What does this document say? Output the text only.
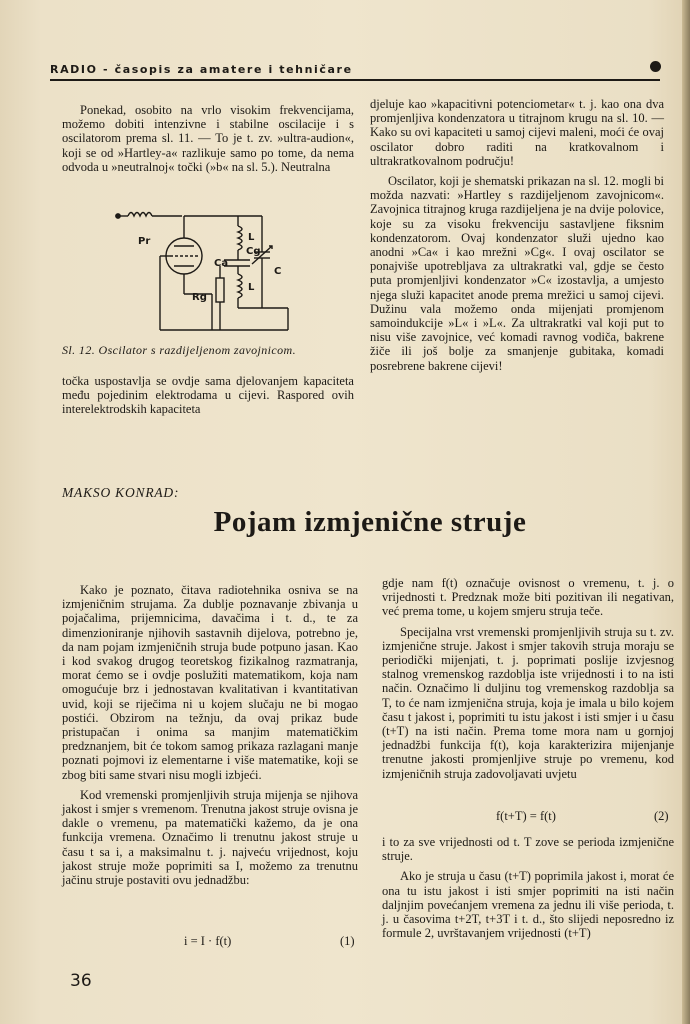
RADIO - časopis za amatere i tehničare

Ponekad, osobito na vrlo visokim frekvencijama, možemo dobiti intenzivne i stabilne oscilacije i s oscilatorom prema sl. 11. — To je t. zv. »ultra-audion«, koji se od »Hartley-a« razlikuje samo po tome, da nema odvoda u »neutralnoj« točki (»b« na sl. 5.). Neutralna

Pr
Rg
Ca
Cg
C
L
L
Sl. 12. Oscilator s razdijeljenom zavojnicom.

točka uspostavlja se ovdje sama djelovanjem kapaciteta među pojedinim elektrodama u cijevi. Raspored ovih interelektrodskih kapaciteta

djeluje kao »kapacitivni potenciometar« t. j. kao ona dva promjenljiva kondenzatora u titrajnom krugu na sl. 10. — Kako su ovi kapaciteti u samoj cijevi maleni, moći će ovaj oscilator dobro raditi na kratkovalnom i ultrakratkovalnom području!

Oscilator, koji je shematski prikazan na sl. 12. mogli bi možda nazvati: »Hartley s razdijeljenom zavojnicom«. Zavojnica titrajnog kruga razdijeljena je na dvije polovice, koje su za visoku frekvenciju sastavljene fiksnim kondenzatorom. Ovaj kondenzator služi ujedno kao anodni »Ca« i kao mrežni »Cg«. I ovaj oscilator se ponajviše upotrebljava za ultrakratki val, gdje se često puta promjenljivi kondenzator »C« izostavlja, a umjesto njega služi kapacitet anode prema mrežici u samoj cijevi. Dužinu vala možemo onda mijenjati promjenom samoindukcije »L« i »L«. Za ultrakratki val koji put to nisu više zavojnice, već komadi ravnog vodiča, bakrene žiče ili još bolje za smanjenje gubitaka, komadi posrebrene bakrene cijevi!

MAKSO KONRAD:
Pojam izmjenične struje

Kako je poznato, čitava radiotehnika osniva se na izmjeničnim strujama. Za dublje poznavanje zbivanja u pojačalima, prijemnicima, davačima i t. d., te za dimenzioniranje njihovih sastavnih dijelova, potrebno je, da nam pojam izmjeničnih struja bude potpuno jasan. Kao i kod svakog drugog teoretskog fizikalnog razmatranja, morat ćemo se i ovdje poslužiti matematikom, koja nam omogućuje brz i jednostavan kvalitativan i kvantitativan uvid, koji se riječima ni u kojem slučaju ne bi mogao postići. Obzirom na težnju, da ovaj prikaz bude pristupačan i onima sa manjim matematičkim predznanjem, bit će tokom samog prikaza razlagani manje poznati pojmovi iz elementarne i više matematike, koji se zbog biti same stvari nisu mogli izbjeći.

Kod vremenski promjenljivih struja mijenja se njihova jakost i smjer s vremenom. Trenutna jakost struje ovisna je dakle o vremenu, pa matematički kažemo, da je ona funkcija vremena. Označimo li trenutnu jakost struje u času t sa i, a maksimalnu t. j. najveću vrijednost, koju jakost struje može poprimiti sa I, možemo za trenutnu jačinu struje postaviti ovu jednadžbu:

i = I · f(t)	(1)

gdje nam f(t) označuje ovisnost o vremenu, t. j. o vrijednosti t. Predznak može biti pozitivan ili negativan, već prema tome, u kojem smjeru struja teče.

Specijalna vrst vremenski promjenljivih struja su t. zv. izmjenične struje. Jakost i smjer takovih struja moraju se periodički mijenjati, t. j. poprimati poslije izvjesnog stalnog vremenskog razdoblja iste vrijednosti i to na isti način. Označimo li duljinu tog vremenskog razdoblja sa T, to će nam izmjenična struja, koja je imala u bilo kojem času t jakost i, poprimiti tu istu jakost i isti smjer i u času (t+T) na isti način. Prema tome mora nam u gornjoj jednadžbi funkcija f(t), koja karakterizira mijenjanje trenutne jakosti promjenljive struje po vremenu, kod izmjeničnih struja zadovoljavati uvjetu

f(t+T) = f(t)	(2)

i to za sve vrijednosti od t. T zove se perioda izmjenične struje.

Ako je struja u času (t+T) poprimila jakost i, morat će ona tu istu jakost i isti smjer poprimiti na isti način daljnjim povećanjem vremena za jednu ili više perioda, t. j. u časovima t+2T, t+3T i t. d., što slijedi neposredno iz formule 2, uvrštavanjem vrijednosti (t+T)

36
